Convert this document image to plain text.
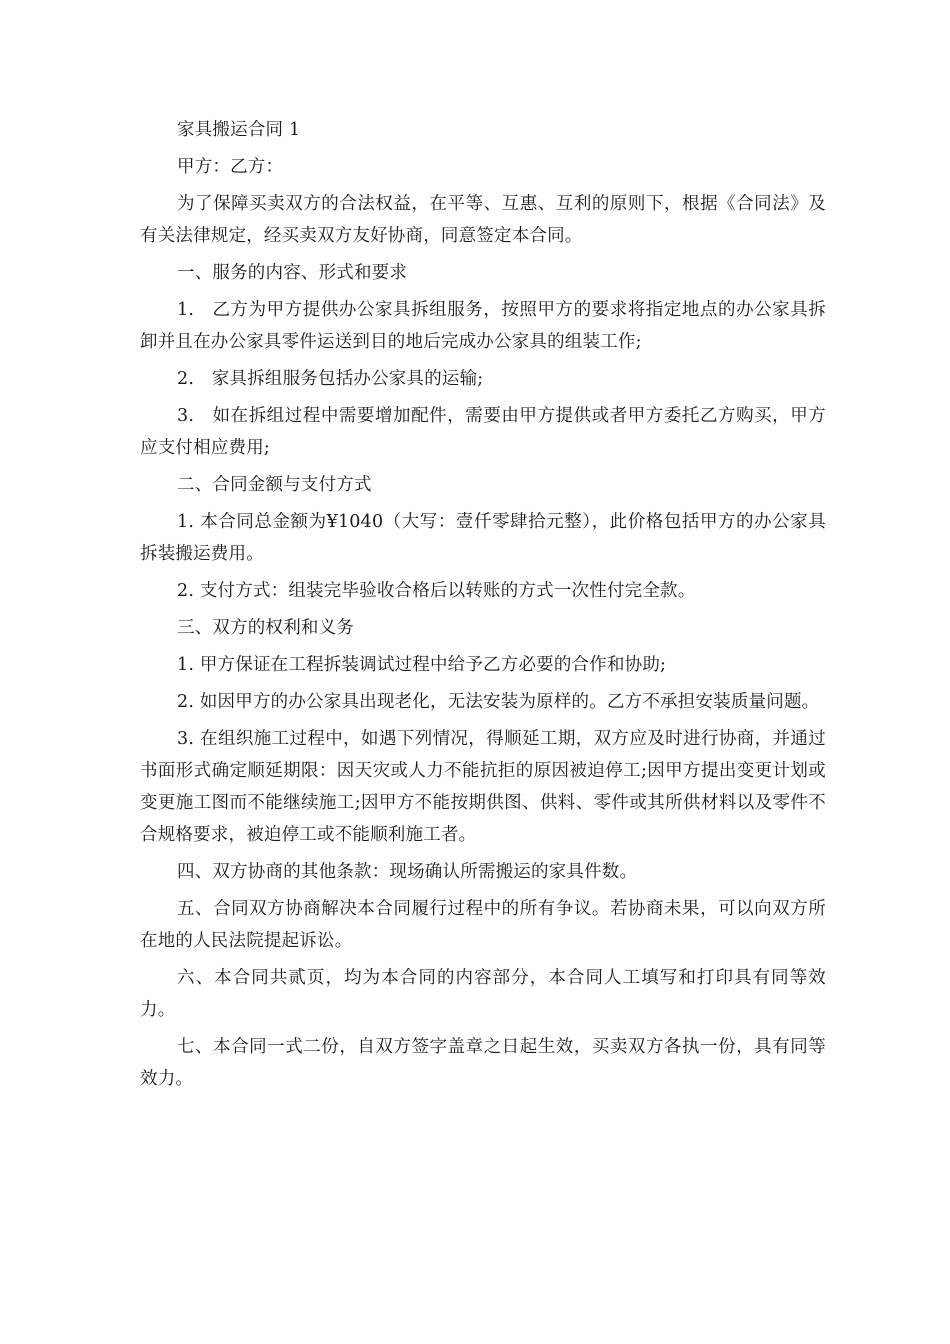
家具搬运合同 1

甲方：乙方：

为了保障买卖双方的合法权益，在平等、互惠、互利的原则下，根据《合同法》及有关法律规定，经买卖双方友好协商，同意签定本合同。

一、服务的内容、形式和要求

1.　乙方为甲方提供办公家具拆组服务，按照甲方的要求将指定地点的办公家具拆卸并且在办公家具零件运送到目的地后完成办公家具的组装工作;

2.　家具拆组服务包括办公家具的运输;

3.　如在拆组过程中需要增加配件，需要由甲方提供或者甲方委托乙方购买，甲方应支付相应费用;

二、合同金额与支付方式

1. 本合同总金额为¥1040（大写：壹仟零肆拾元整），此价格包括甲方的办公家具拆装搬运费用。

2. 支付方式：组装完毕验收合格后以转账的方式一次性付完全款。

三、双方的权利和义务

1. 甲方保证在工程拆装调试过程中给予乙方必要的合作和协助;

2. 如因甲方的办公家具出现老化，无法安装为原样的。乙方不承担安装质量问题。

3. 在组织施工过程中，如遇下列情况，得顺延工期，双方应及时进行协商，并通过书面形式确定顺延期限：因天灾或人力不能抗拒的原因被迫停工;因甲方提出变更计划或变更施工图而不能继续施工;因甲方不能按期供图、供料、零件或其所供材料以及零件不合规格要求，被迫停工或不能顺利施工者。

四、双方协商的其他条款：现场确认所需搬运的家具件数。

五、合同双方协商解决本合同履行过程中的所有争议。若协商未果，可以向双方所在地的人民法院提起诉讼。

六、本合同共贰页，均为本合同的内容部分，本合同人工填写和打印具有同等效力。

七、本合同一式二份，自双方签字盖章之日起生效，买卖双方各执一份，具有同等效力。
